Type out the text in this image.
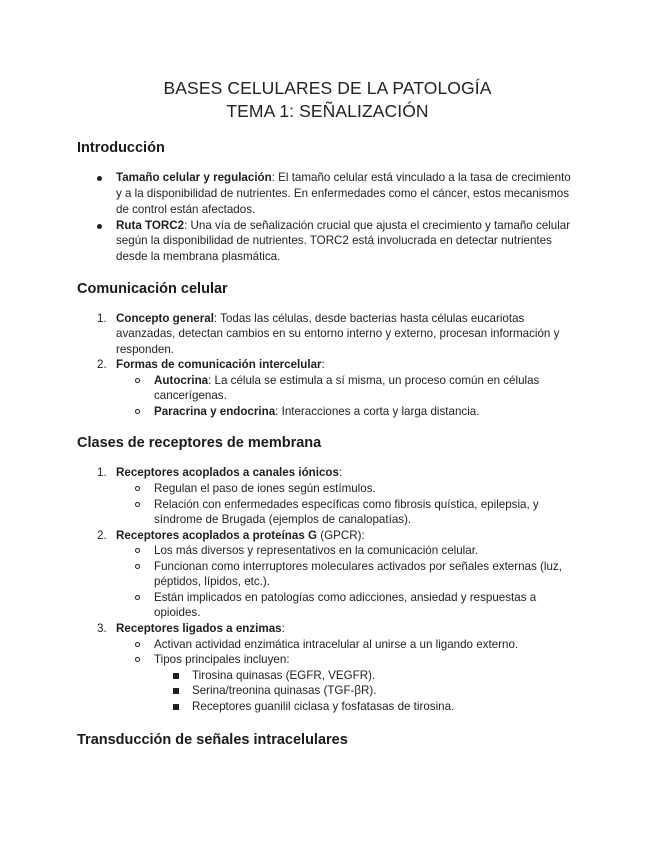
BASES CELULARES DE LA PATOLOGÍA
TEMA 1: SEÑALIZACIÓN
Introducción
Tamaño celular y regulación: El tamaño celular está vinculado a la tasa de crecimiento
y a la disponibilidad de nutrientes. En enfermedades como el cáncer, estos mecanismos
de control están afectados.
Ruta TORC2: Una vía de señalización crucial que ajusta el crecimiento y tamaño celular
según la disponibilidad de nutrientes. TORC2 está involucrada en detectar nutrientes
desde la membrana plasmática.
Comunicación celular
1. Concepto general: Todas las células, desde bacterias hasta células eucariotas
avanzadas, detectan cambios en su entorno interno y externo, procesan información y
responden.
2. Formas de comunicación intercelular:
Autocrina: La célula se estimula a sí misma, un proceso común en células
cancerígenas.
Paracrina y endocrina: Interacciones a corta y larga distancia.
Clases de receptores de membrana
1. Receptores acoplados a canales iónicos:
Regulan el paso de iones según estímulos.
Relación con enfermedades específicas como fibrosis quística, epilepsia, y
síndrome de Brugada (ejemplos de canalopatías).
2. Receptores acoplados a proteínas G (GPCR):
Los más diversos y representativos en la comunicación celular.
Funcionan como interruptores moleculares activados por señales externas (luz,
péptidos, lípidos, etc.).
Están implicados en patologías como adicciones, ansiedad y respuestas a
opioides.
3. Receptores ligados a enzimas:
Activan actividad enzimática intracelular al unirse a un ligando externo.
Tipos principales incluyen:
Tirosina quinasas (EGFR, VEGFR).
Serina/treonina quinasas (TGF-βR).
Receptores guanilil ciclasa y fosfatasas de tirosina.
Transducción de señales intracelulares
